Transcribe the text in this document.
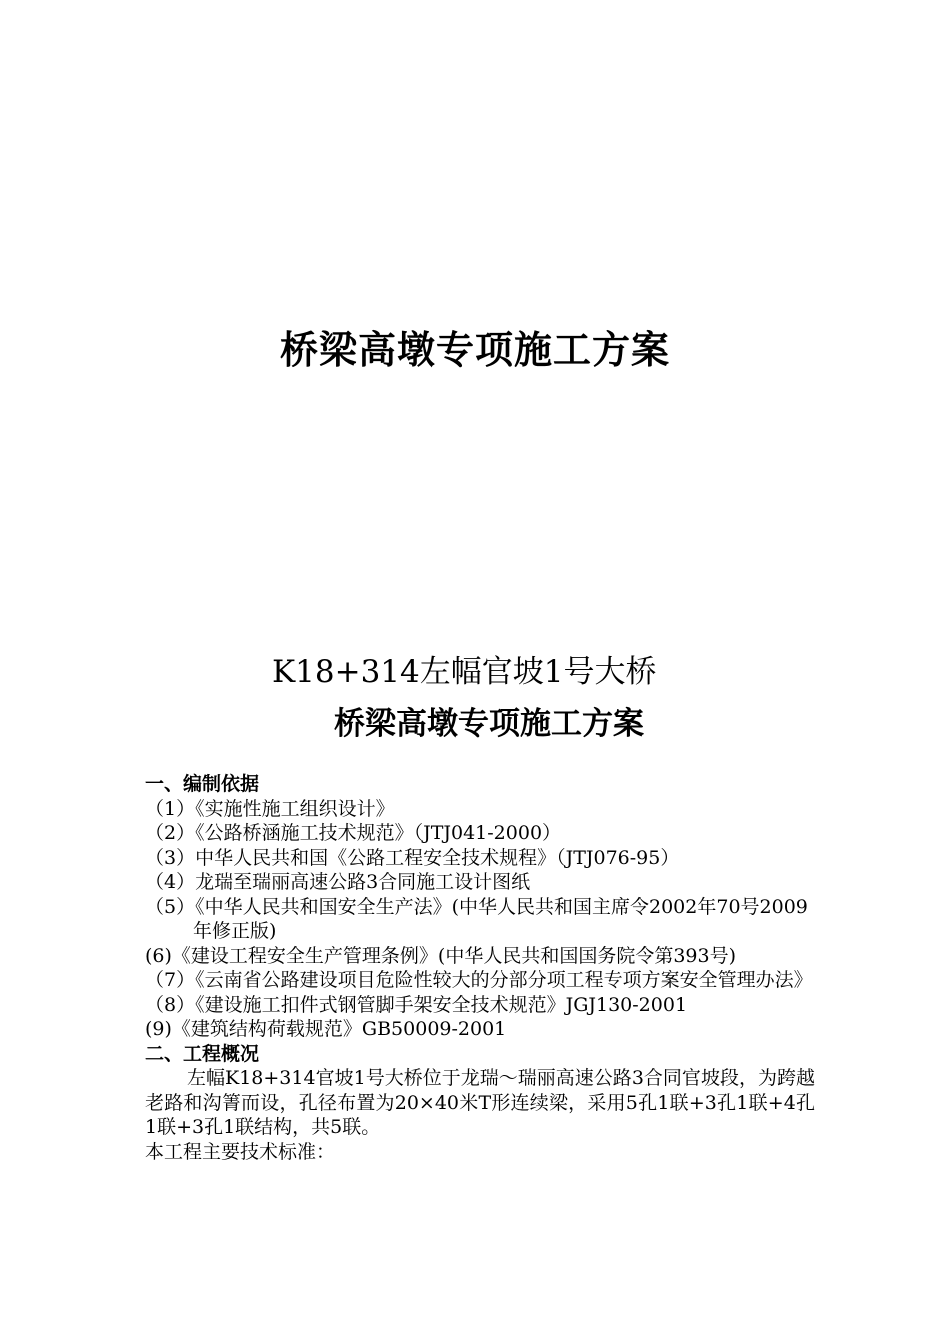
桥梁高墩专项施工方案
K18+314左幅官坡1号大桥
桥梁高墩专项施工方案
一、编制依据
（1）《实施性施工组织设计》
（2）《公路桥涵施工技术规范》（JTJ041-2000）
（3）中华人民共和国《公路工程安全技术规程》（JTJ076-95）
（4）龙瑞至瑞丽高速公路3合同施工设计图纸
（5）《中华人民共和国安全生产法》(中华人民共和国主席令2002年70号2009年修正版)
(6)《建设工程安全生产管理条例》(中华人民共和国国务院令第393号)
（7）《云南省公路建设项目危险性较大的分部分项工程专项方案安全管理办法》
（8）《建设施工扣件式钢管脚手架安全技术规范》JGJ130-2001
(9)《建筑结构荷载规范》GB50009-2001
二、工程概况
左幅K18+314官坡1号大桥位于龙瑞～瑞丽高速公路3合同官坡段，为跨越老路和沟箐而设，孔径布置为20×40米T形连续梁，采用5孔1联+3孔1联+4孔1联+3孔1联结构，共5联。
本工程主要技术标准：
